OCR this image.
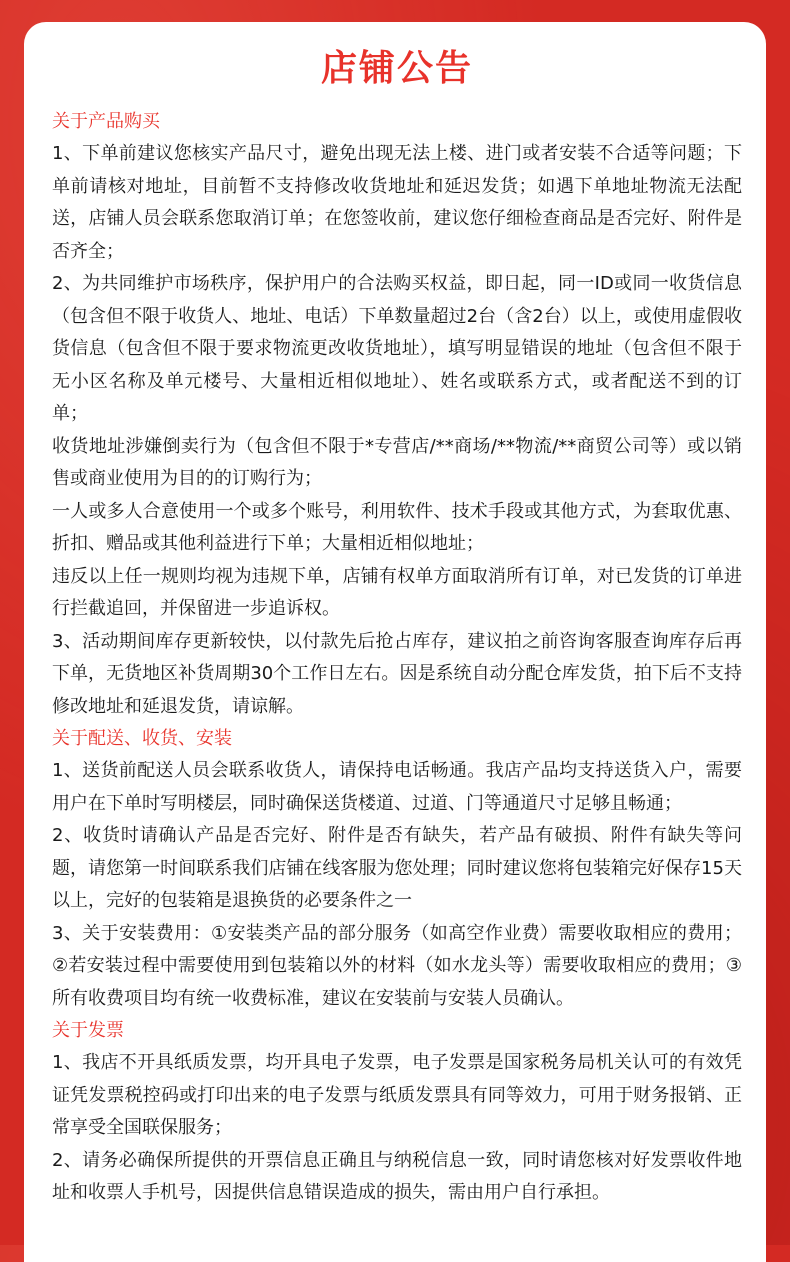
店铺公告
关于产品购买

1、下单前建议您核实产品尺寸，避免出现无法上楼、进门或者安装不合适等问题；下单前请核对地址，目前暂不支持修改收货地址和延迟发货；如遇下单地址物流无法配送，店铺人员会联系您取消订单；在您签收前，建议您仔细检查商品是否完好、附件是否齐全；

2、为共同维护市场秩序，保护用户的合法购买权益，即日起，同一ID或同一收货信息（包含但不限于收货人、地址、电话）下单数量超过2台（含2台）以上，或使用虚假收货信息（包含但不限于要求物流更改收货地址），填写明显错误的地址（包含但不限于无小区名称及单元楼号、大量相近相似地址）、姓名或联系方式，或者配送不到的订单；

收货地址涉嫌倒卖行为（包含但不限于*专营店/**商场/**物流/**商贸公司等）或以销售或商业使用为目的的订购行为；

一人或多人合意使用一个或多个账号，利用软件、技术手段或其他方式，为套取优惠、折扣、赠品或其他利益进行下单；大量相近相似地址；

违反以上任一规则均视为违规下单，店铺有权单方面取消所有订单，对已发货的订单进行拦截追回，并保留进一步追诉权。

3、活动期间库存更新较快，以付款先后抢占库存，建议拍之前咨询客服查询库存后再下单，无货地区补货周期30个工作日左右。因是系统自动分配仓库发货，拍下后不支持修改地址和延退发货，请谅解。

关于配送、收货、安装

1、送货前配送人员会联系收货人，请保持电话畅通。我店产品均支持送货入户，需要用户在下单时写明楼层，同时确保送货楼道、过道、门等通道尺寸足够且畅通；

2、收货时请确认产品是否完好、附件是否有缺失，若产品有破损、附件有缺失等问题，请您第一时间联系我们店铺在线客服为您处理；同时建议您将包装箱完好保存15天以上，完好的包装箱是退换货的必要条件之一

3、关于安装费用：①安装类产品的部分服务（如高空作业费）需要收取相应的费用；②若安装过程中需要使用到包装箱以外的材料（如水龙头等）需要收取相应的费用；③所有收费项目均有统一收费标准，建议在安装前与安装人员确认。

关于发票

1、我店不开具纸质发票，均开具电子发票，电子发票是国家税务局机关认可的有效凭证凭发票税控码或打印出来的电子发票与纸质发票具有同等效力，可用于财务报销、正常享受全国联保服务；

2、请务必确保所提供的开票信息正确且与纳税信息一致，同时请您核对好发票收件地址和收票人手机号，因提供信息错误造成的损失，需由用户自行承担。
